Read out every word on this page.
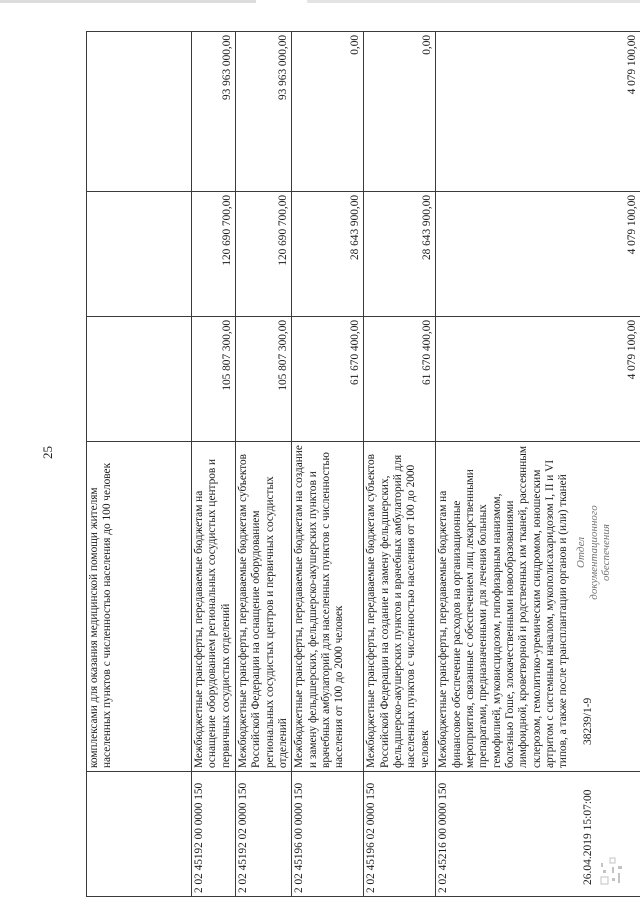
25
	комплексами для оказания медицинской помощи жителям населенных пунктов с численностью населения до 100 человек			
2 02 45192 00 0000 150	Межбюджетные трансферты, передаваемые бюджетам на оснащение оборудованием региональных сосудистых центров и первичных сосудистых отделений	105 807 300,00	120 690 700,00	93 963 000,00
2 02 45192 02 0000 150	Межбюджетные трансферты, передаваемые бюджетам субъектов Российской Федерации на оснащение оборудованием региональных сосудистых центров и первичных сосудистых отделений	105 807 300,00	120 690 700,00	93 963 000,00
2 02 45196 00 0000 150	Межбюджетные трансферты, передаваемые бюджетам на создание и замену фельдшерских, фельдшерско-акушерских пунктов и врачебных амбулаторий для населенных пунктов с численностью населения от 100 до 2000 человек	61 670 400,00	28 643 900,00	0,00
2 02 45196 02 0000 150	Межбюджетные трансферты, передаваемые бюджетам субъектов Российской Федерации на создание и замену фельдшерских, фельдшерско-акушерских пунктов и врачебных амбулаторий для населенных пунктов с численностью населения от 100 до 2000 человек	61 670 400,00	28 643 900,00	0,00
2 02 45216 00 0000 150	Межбюджетные трансферты, передаваемые бюджетам на финансовое обеспечение расходов на организационные мероприятия, связанные с обеспечением лиц лекарственными препаратами, предназначенными для лечения больных гемофилией, муковисцидозом, гипофизарным нанизмом, болезнью Гоше, злокачественными новообразованиями лимфоидной, кроветворной и родственных им тканей, рассеянным склерозом, гемолитико-уремическим синдромом, юношеским артритом с системным началом, мукополисахаридозом I, II и VI типов, а также после трансплантации органов и (или) тканей	4 079 100,00	4 079 100,00	4 079 100,00
26.04.2019 15:07:00
38239/1-9
Отдел документационного обеспечения
